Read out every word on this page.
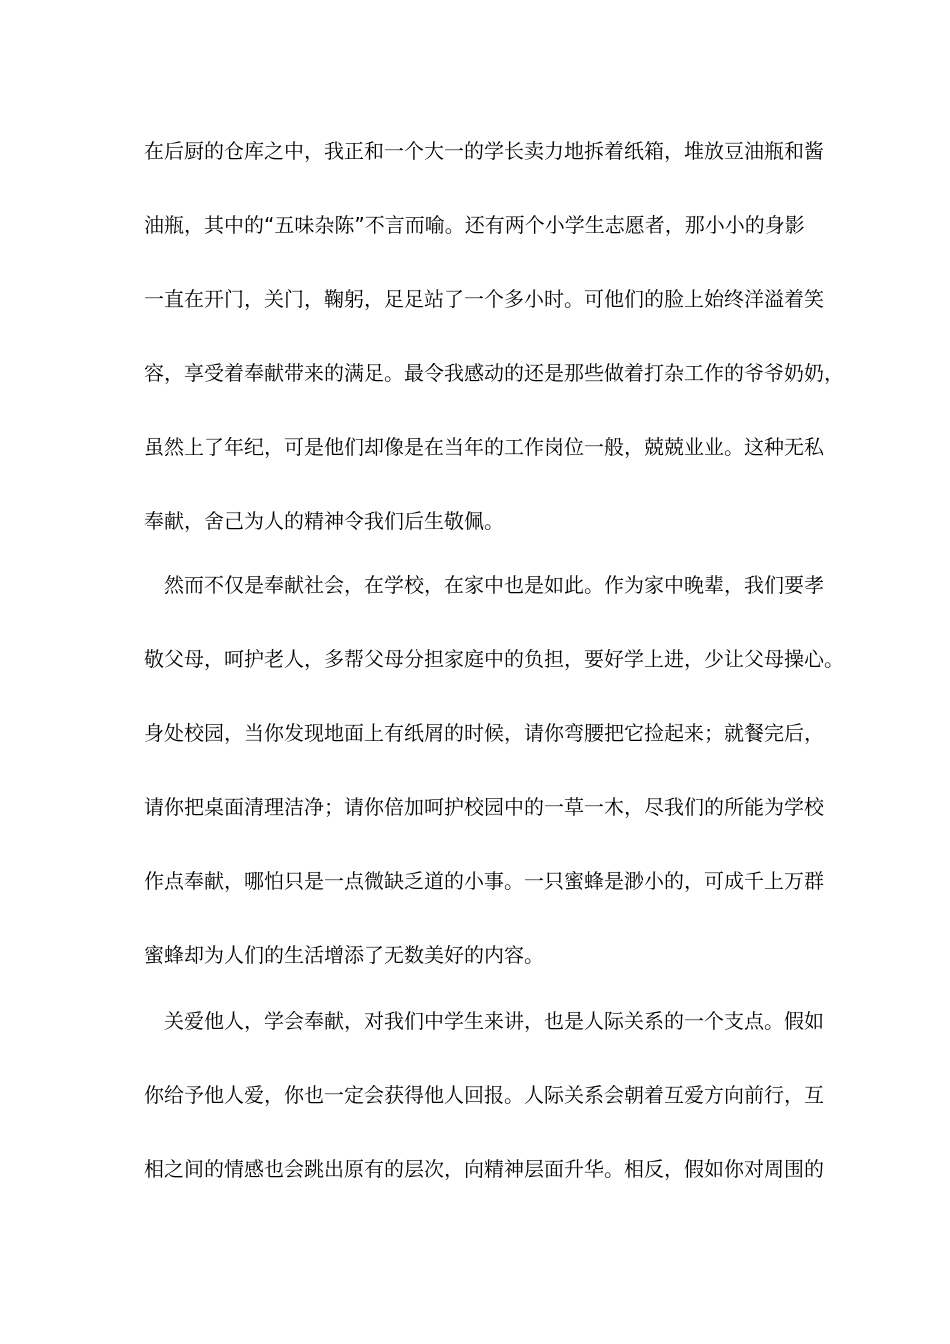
在后厨的仓库之中，我正和一个大一的学长卖力地拆着纸箱，堆放豆油瓶和酱
油瓶，其中的“五味杂陈”不言而喻。还有两个小学生志愿者，那小小的身影
一直在开门，关门，鞠躬，足足站了一个多小时。可他们的脸上始终洋溢着笑
容，享受着奉献带来的满足。最令我感动的还是那些做着打杂工作的爷爷奶奶，
虽然上了年纪，可是他们却像是在当年的工作岗位一般，兢兢业业。这种无私
奉献，舍己为人的精神令我们后生敬佩。
　然而不仅是奉献社会，在学校，在家中也是如此。作为家中晚辈，我们要孝
敬父母，呵护老人，多帮父母分担家庭中的负担，要好学上进，少让父母操心。
身处校园，当你发现地面上有纸屑的时候，请你弯腰把它捡起来；就餐完后，
请你把桌面清理洁净；请你倍加呵护校园中的一草一木，尽我们的所能为学校
作点奉献，哪怕只是一点微缺乏道的小事。一只蜜蜂是渺小的，可成千上万群
蜜蜂却为人们的生活增添了无数美好的内容。
　关爱他人，学会奉献，对我们中学生来讲，也是人际关系的一个支点。假如
你给予他人爱，你也一定会获得他人回报。人际关系会朝着互爱方向前行，互
相之间的情感也会跳出原有的层次，向精神层面升华。相反，假如你对周围的
